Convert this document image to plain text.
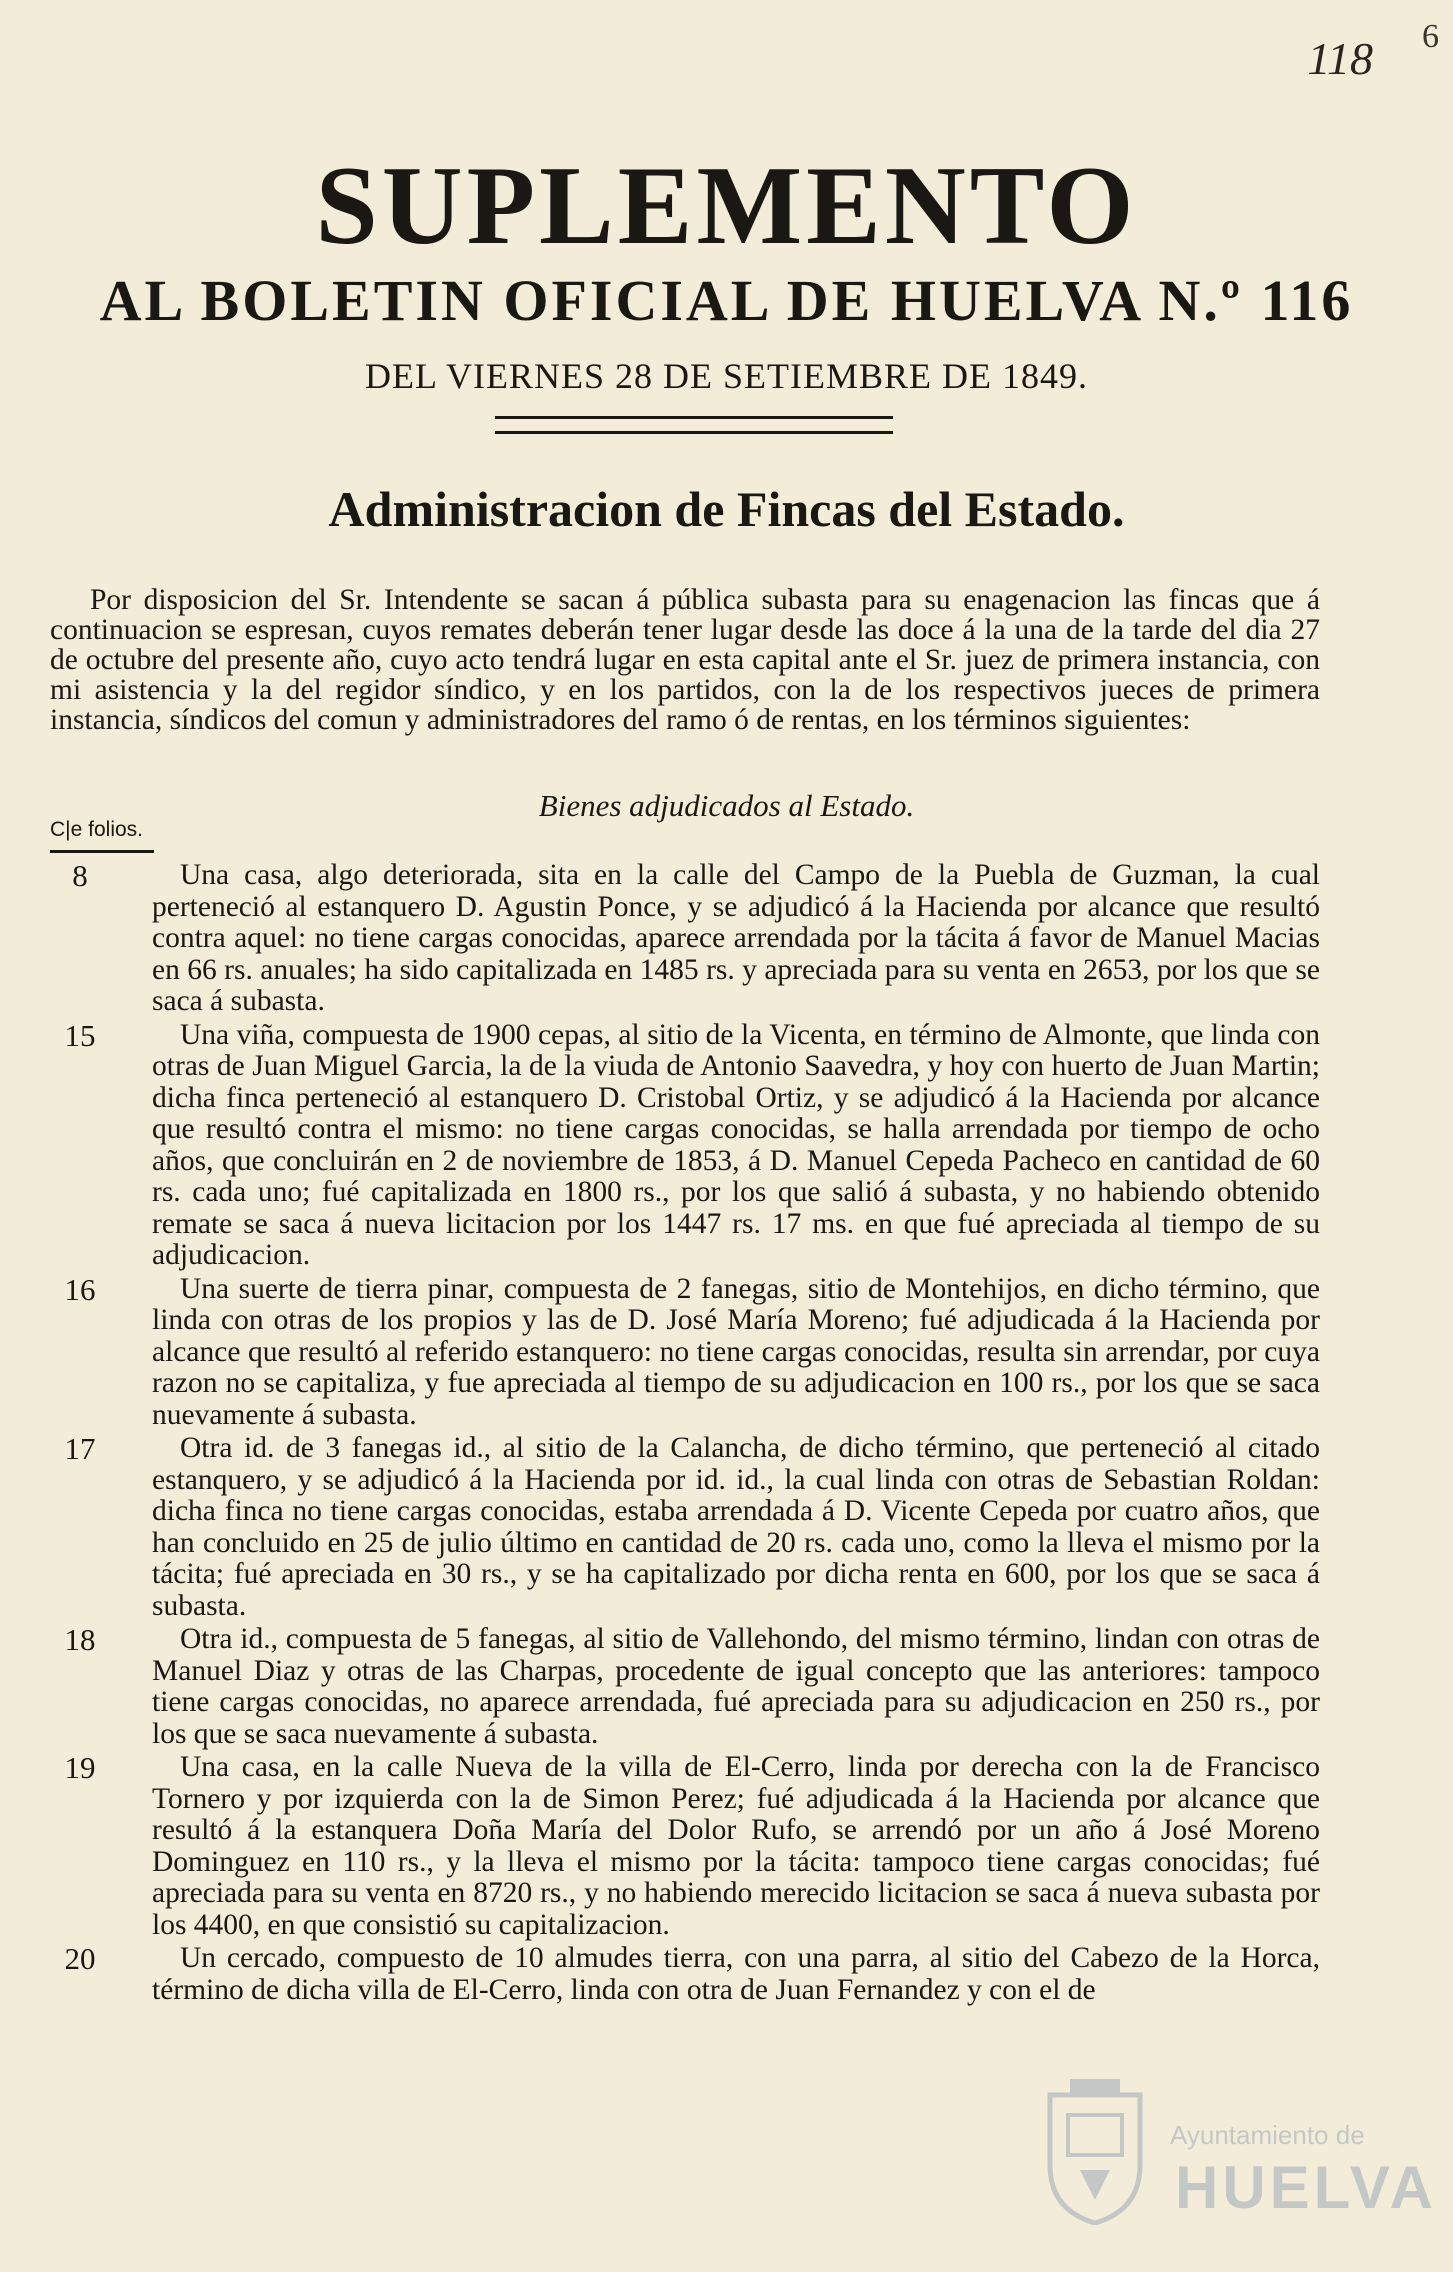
6
118
SUPLEMENTO
AL BOLETIN OFICIAL DE HUELVA N.º 116
DEL VIERNES 28 DE SETIEMBRE DE 1849.
Administracion de Fincas del Estado.
Por disposicion del Sr. Intendente se sacan á pública subasta para su enagenacion las fincas que á continuacion se espresan, cuyos remates deberán tener lugar desde las doce á la una de la tarde del dia 27 de octubre del presente año, cuyo acto tendrá lugar en esta capital ante el Sr. juez de primera instancia, con mi asistencia y la del regidor síndico, y en los partidos, con la de los respectivos jueces de primera instancia, síndicos del comun y administradores del ramo ó de rentas, en los términos siguientes:
Bienes adjudicados al Estado.
C|e folios.
8	Una casa, algo deteriorada, sita en la calle del Campo de la Puebla de Guzman, la cual perteneció al estanquero D. Agustin Ponce, y se adjudicó á la Hacienda por alcance que resultó contra aquel: no tiene cargas conocidas, aparece arrendada por la tácita á favor de Manuel Macias en 66 rs. anuales; ha sido capitalizada en 1485 rs. y apreciada para su venta en 2653, por los que se saca á subasta.
15	Una viña, compuesta de 1900 cepas, al sitio de la Vicenta, en término de Almonte, que linda con otras de Juan Miguel Garcia, la de la viuda de Antonio Saavedra, y hoy con huerto de Juan Martin; dicha finca perteneció al estanquero D. Cristobal Ortiz, y se adjudicó á la Hacienda por alcance que resultó contra el mismo: no tiene cargas conocidas, se halla arrendada por tiempo de ocho años, que concluirán en 2 de noviembre de 1853, á D. Manuel Cepeda Pacheco en cantidad de 60 rs. cada uno; fué capitalizada en 1800 rs., por los que salió á subasta, y no habiendo obtenido remate se saca á nueva licitacion por los 1447 rs. 17 ms. en que fué apreciada al tiempo de su adjudicacion.
16	Una suerte de tierra pinar, compuesta de 2 fanegas, sitio de Montehijos, en dicho término, que linda con otras de los propios y las de D. José María Moreno; fué adjudicada á la Hacienda por alcance que resultó al referido estanquero: no tiene cargas conocidas, resulta sin arrendar, por cuya razon no se capitaliza, y fue apreciada al tiempo de su adjudicacion en 100 rs., por los que se saca nuevamente á subasta.
17	Otra id. de 3 fanegas id., al sitio de la Calancha, de dicho término, que perteneció al citado estanquero, y se adjudicó á la Hacienda por id. id., la cual linda con otras de Sebastian Roldan: dicha finca no tiene cargas conocidas, estaba arrendada á D. Vicente Cepeda por cuatro años, que han concluido en 25 de julio último en cantidad de 20 rs. cada uno, como la lleva el mismo por la tácita; fué apreciada en 30 rs., y se ha capitalizado por dicha renta en 600, por los que se saca á subasta.
18	Otra id., compuesta de 5 fanegas, al sitio de Vallehondo, del mismo término, lindan con otras de Manuel Diaz y otras de las Charpas, procedente de igual concepto que las anteriores: tampoco tiene cargas conocidas, no aparece arrendada, fué apreciada para su adjudicacion en 250 rs., por los que se saca nuevamente á subasta.
19	Una casa, en la calle Nueva de la villa de El-Cerro, linda por derecha con la de Francisco Tornero y por izquierda con la de Simon Perez; fué adjudicada á la Hacienda por alcance que resultó á la estanquera Doña María del Dolor Rufo, se arrendó por un año á José Moreno Dominguez en 110 rs., y la lleva el mismo por la tácita: tampoco tiene cargas conocidas; fué apreciada para su venta en 8720 rs., y no habiendo merecido licitacion se saca á nueva subasta por los 4400, en que consistió su capitalizacion.
20	Un cercado, compuesto de 10 almudes tierra, con una parra, al sitio del Cabezo de la Horca, término de dicha villa de El-Cerro, linda con otra de Juan Fernandez y con el de
Ayuntamiento de
HUELVA
